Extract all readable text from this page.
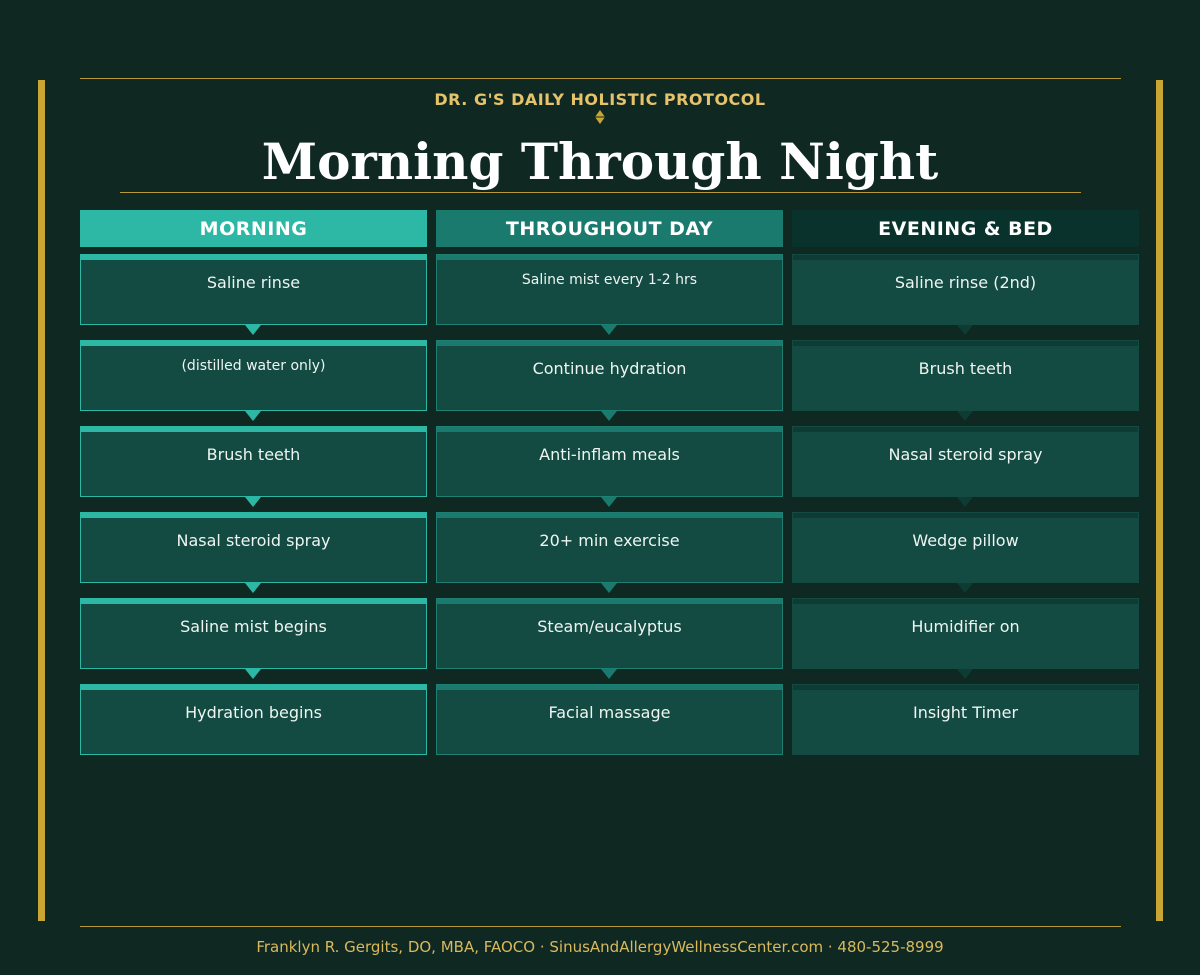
DR. G'S DAILY HOLISTIC PROTOCOL
Morning Through Night
MORNING
Saline rinse
(distilled water only)
Brush teeth
Nasal steroid spray
Saline mist begins
Hydration begins
THROUGHOUT DAY
Saline mist every 1-2 hrs
Continue hydration
Anti-inflam meals
20+ min exercise
Steam/eucalyptus
Facial massage
EVENING & BED
Saline rinse (2nd)
Brush teeth
Nasal steroid spray
Wedge pillow
Humidifier on
Insight Timer
Franklyn R. Gergits, DO, MBA, FAOCO · SinusAndAllergyWellnessCenter.com · 480-525-8999
